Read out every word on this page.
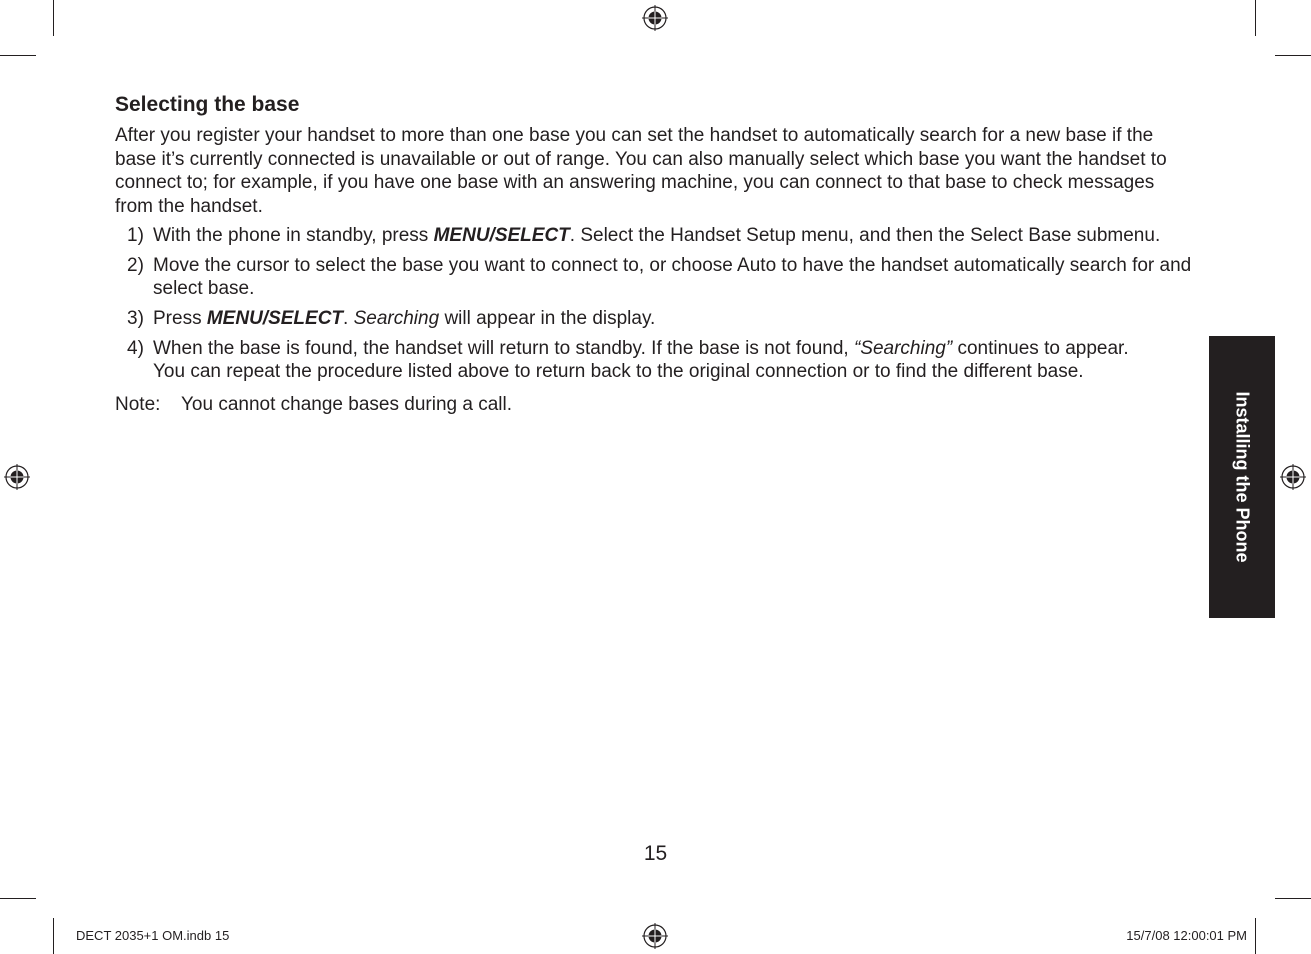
Selecting the base

After you register your handset to more than one base you can set the handset to automatically search for a new base if the base it’s currently connected is unavailable or out of range. You can also manually select which base you want the handset to connect to; for example, if you have one base with an answering machine, you can connect to that base to check messages from the handset.

1) With the phone in standby, press MENU/SELECT. Select the Handset Setup menu, and then the Select Base submenu.
2) Move the cursor to select the base you want to connect to, or choose Auto to have the handset automatically search for and select base.
3) Press MENU/SELECT. Searching will appear in the display.
4) When the base is found, the handset will return to standby. If the base is not found, “Searching” continues to appear. You can repeat the procedure listed above to return back to the original connection or to find the different base.
Note: You cannot change bases during a call.	Installing the Phone
15
DECT 2035+1 OM.indb 15	15/7/08 12:00:01 PM
